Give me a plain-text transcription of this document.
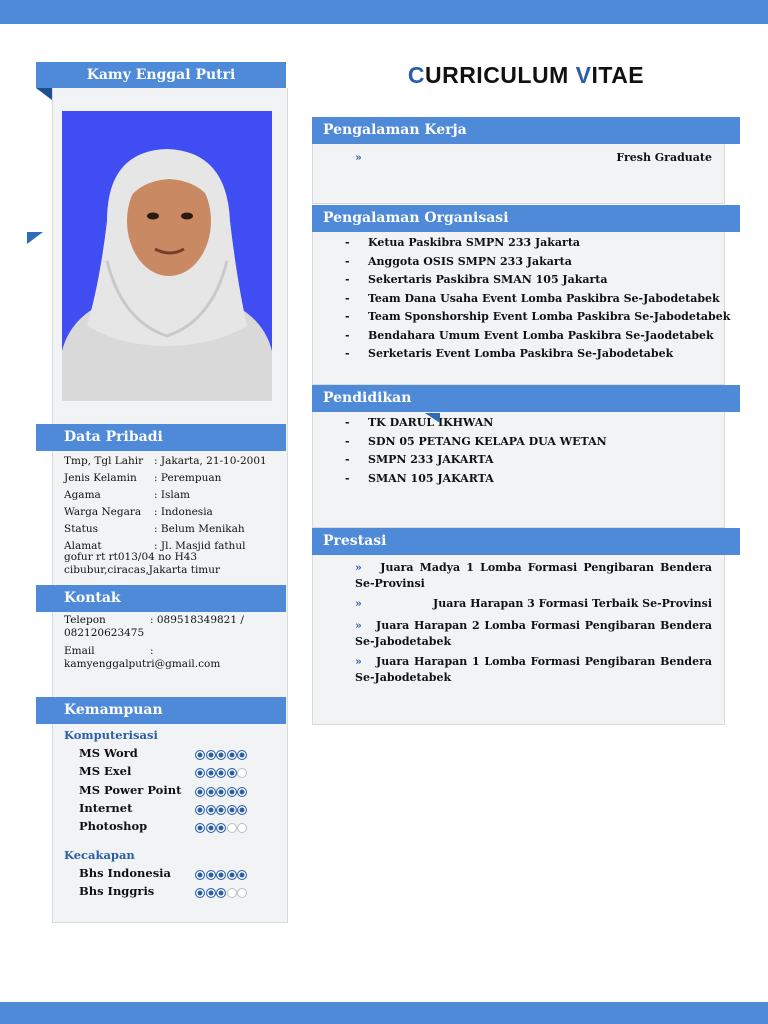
Kamy Enggal Putri
Data Pribadi
Tmp, Tgl Lahir : Jakarta, 21-10-2001
Jenis Kelamin : Perempuan
Agama	: Islam
Warga Negara : Indonesia
Status	: Belum Menikah
Alamat	: Jl. Masjid fathul
gofur rt rt013/04 no H43 cibubur,ciracas,Jakarta timur
Kontak
Telepon	: 089518349821 /
082120623475
Email	:
kamyenggalputri@gmail.com
Kemampuan
Komputerisasi
MS Word
MS Exel
MS Power Point
Internet
Photoshop
Kecakapan
Bhs Indonesia
Bhs Inggris
CURRICULUM VITAE
Pengalaman Kerja
»	Fresh Graduate
Pengalaman Organisasi
- Ketua Paskibra SMPN 233 Jakarta
- Anggota OSIS SMPN 233 Jakarta
- Sekertaris Paskibra SMAN 105 Jakarta
- Team Dana Usaha Event Lomba Paskibra Se-Jabodetabek
- Team Sponshorship Event Lomba Paskibra Se-Jabodetabek
- Bendahara Umum Event Lomba Paskibra Se-Jaodetabek
- Serketaris Event Lomba Paskibra Se-Jabodetabek
Pendidikan
- TK DARUL IKHWAN
- SDN 05 PETANG KELAPA DUA WETAN
- SMPN 233 JAKARTA
- SMAN 105 JAKARTA
Prestasi
»   Juara Madya 1 Lomba Formasi Pengibaran Bendera Se-Provinsi
»	Juara Harapan 3 Formasi Terbaik Se-Provinsi
»   Juara Harapan 2 Lomba Formasi Pengibaran Bendera Se-Jabodetabek
»   Juara Harapan 1 Lomba Formasi Pengibaran Bendera Se-Jabodetabek
